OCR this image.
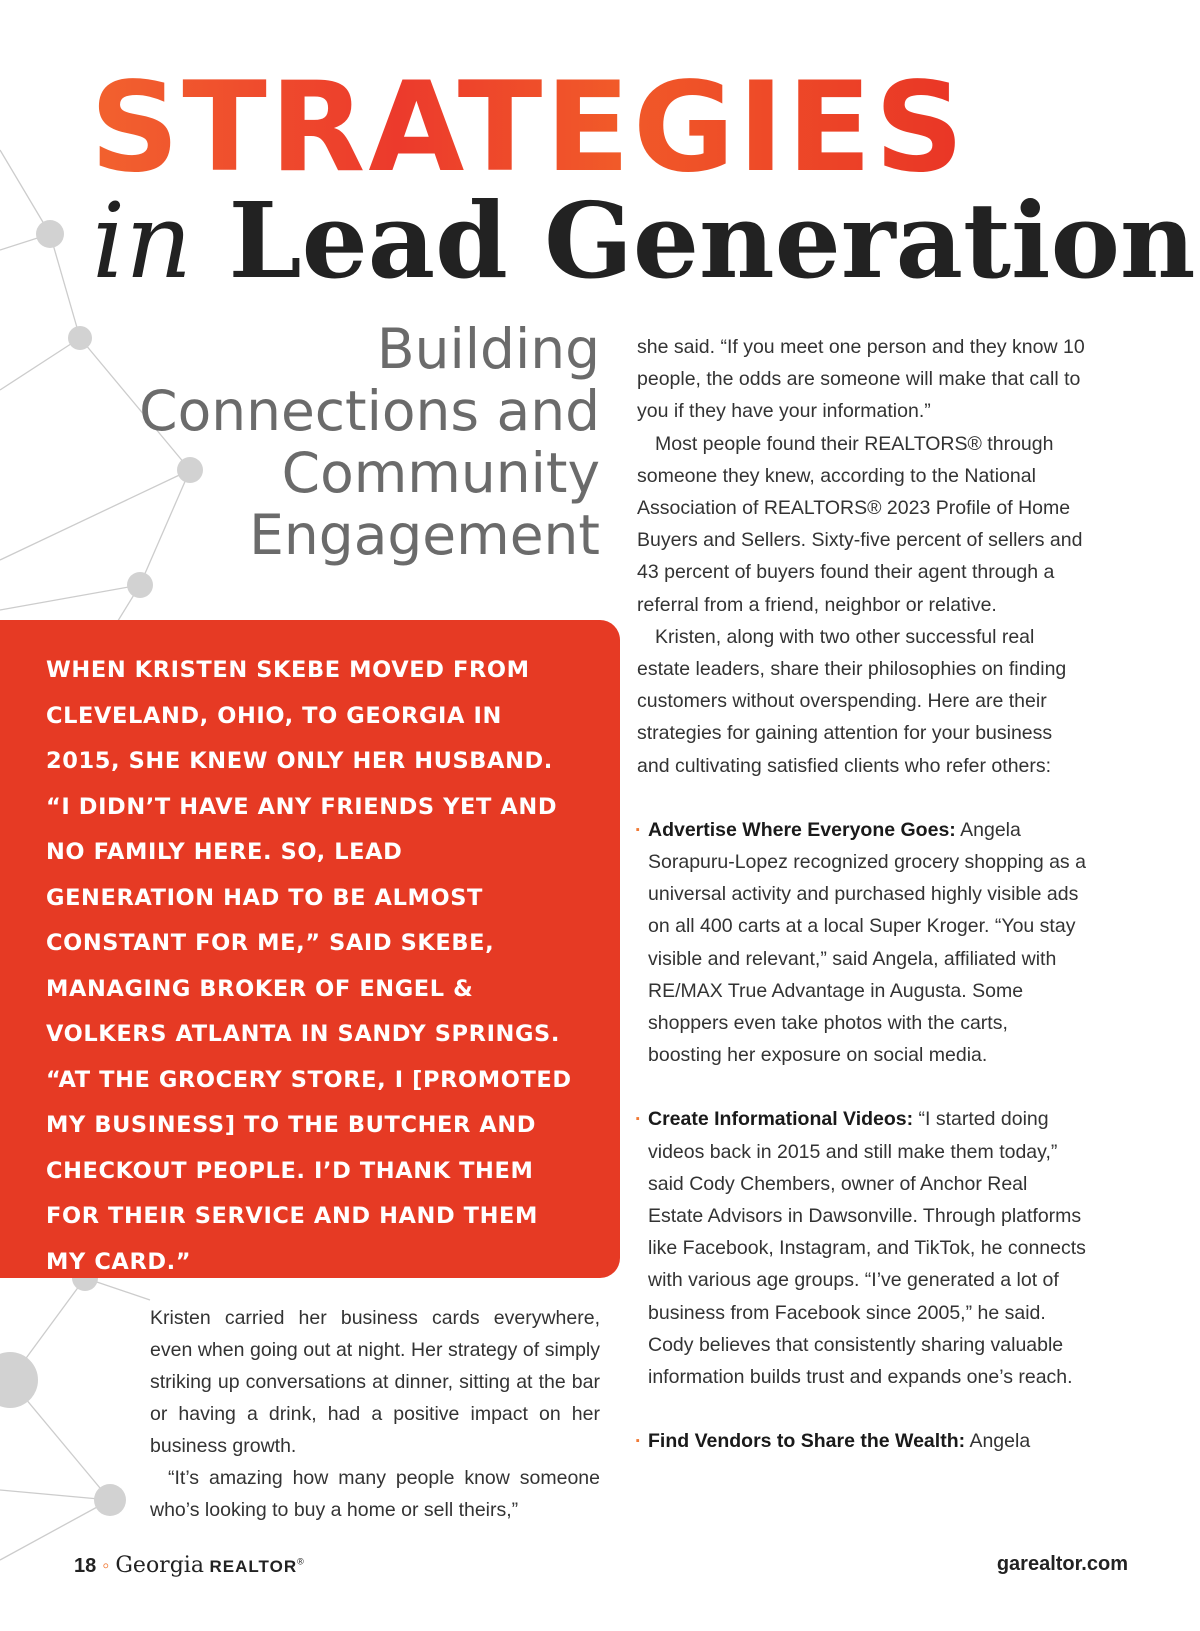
STRATEGIES
in Lead Generation
Building
Connections and
Community
Engagement

WHEN KRISTEN SKEBE MOVED FROM CLEVELAND, OHIO, TO GEORGIA IN 2015, SHE KNEW ONLY HER HUSBAND. “I DIDN’T HAVE ANY FRIENDS YET AND NO FAMILY HERE. SO, LEAD GENERATION HAD TO BE ALMOST CONSTANT FOR ME,” SAID SKEBE, MANAGING BROKER OF ENGEL & VOLKERS ATLANTA IN SANDY SPRINGS. “AT THE GROCERY STORE, I [PROMOTED MY BUSINESS] TO THE BUTCHER AND CHECKOUT PEOPLE. I’D THANK THEM FOR THEIR SERVICE AND HAND THEM MY CARD.”

Kristen carried her business cards everywhere, even when going out at night. Her strategy of simply striking up conversations at dinner, sitting at the bar or having a drink, had a positive impact on her business growth.

“It’s amazing how many people know someone who’s looking to buy a home or sell theirs,”

she said. “If you meet one person and they know 10 people, the odds are someone will make that call to you if they have your information.”

Most people found their REALTORS® through someone they knew, according to the National Association of REALTORS® 2023 Profile of Home Buyers and Sellers. Sixty-five percent of sellers and 43 percent of buyers found their agent through a referral from a friend, neighbor or relative.

Kristen, along with two other successful real estate leaders, share their philosophies on finding customers without overspending. Here are their strategies for gaining attention for your business and cultivating satisfied clients who refer others:

· Advertise Where Everyone Goes: Angela Sorapuru-Lopez recognized grocery shopping as a universal activity and purchased highly visible ads on all 400 carts at a local Super Kroger. “You stay visible and relevant,” said Angela, affiliated with RE/MAX True Advantage in Augusta. Some shoppers even take photos with the carts, boosting her exposure on social media.

· Create Informational Videos: “I started doing videos back in 2015 and still make them today,” said Cody Chembers, owner of Anchor Real Estate Advisors in Dawsonville. Through platforms like Facebook, Instagram, and TikTok, he connects with various age groups. “I’ve generated a lot of business from Facebook since 2005,” he said. Cody believes that consistently sharing valuable information builds trust and expands one’s reach.

· Find Vendors to Share the Wealth: Angela

18 ◦ Georgia REALTOR®	garealtor.com
